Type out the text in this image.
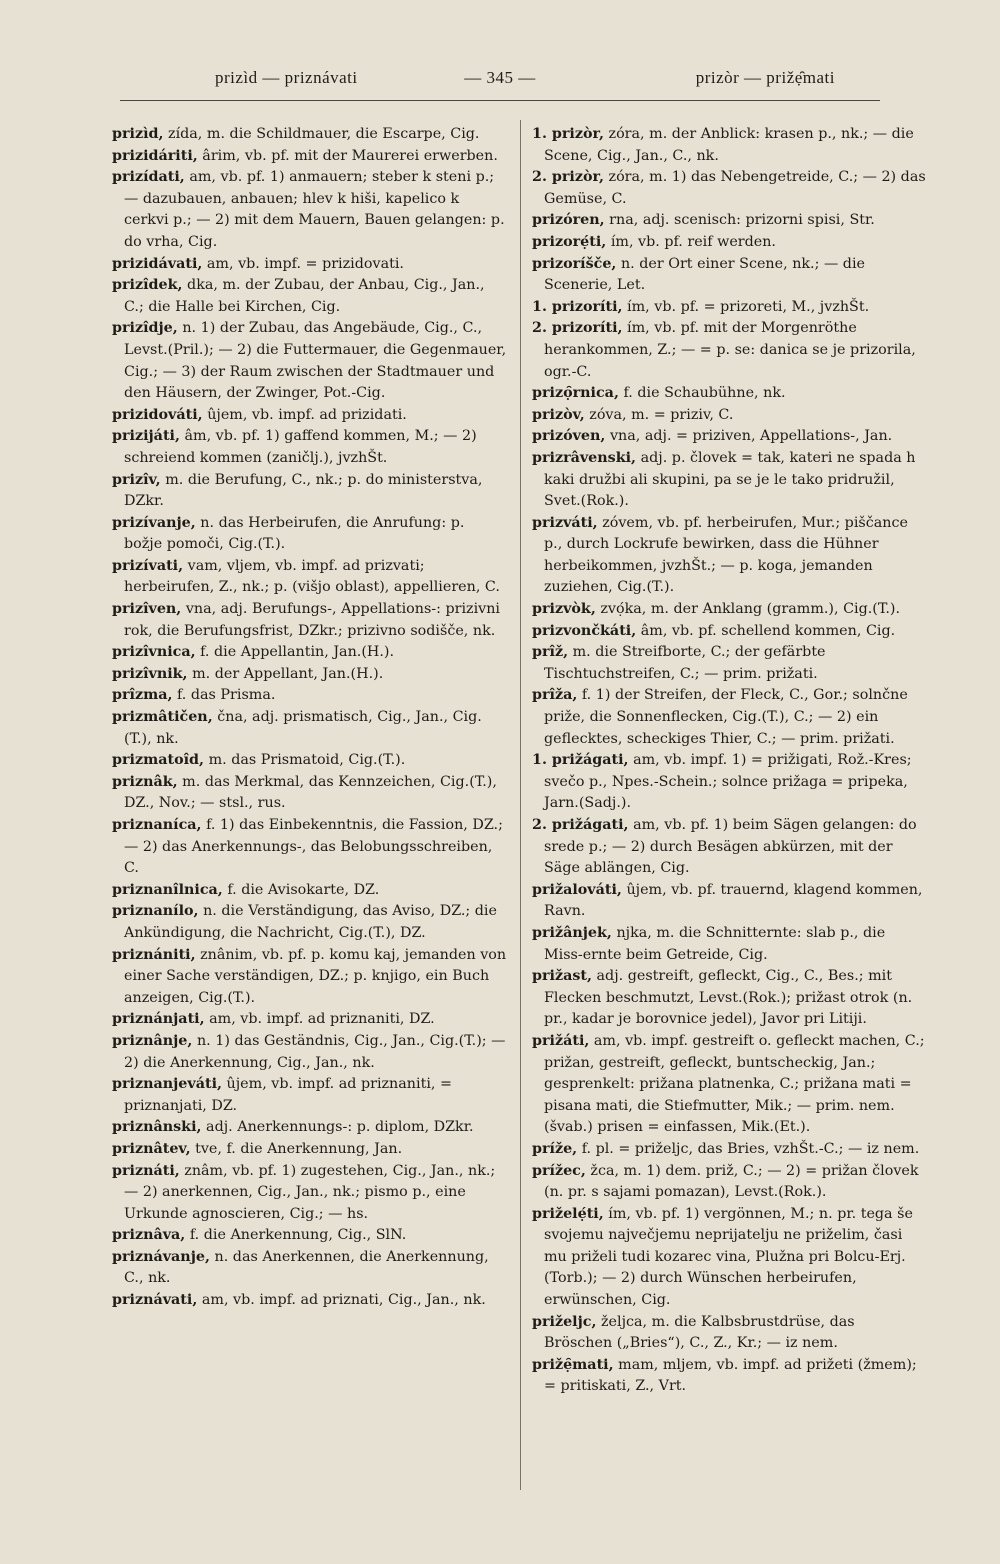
prizìd — priznávati	— 345 —	prizòr — prižẹ̑mati

prizìd, zída, m. die Schildmauer, die Escarpe, Cig.

prizidáriti, ârim, vb. pf. mit der Maurerei erwerben.

prizídati, am, vb. pf. 1) anmauern; steber k steni p.; — dazubauen, anbauen; hlev k hiši, kapelico k cerkvi p.; — 2) mit dem Mauern, Bauen gelangen: p. do vrha, Cig.

prizidávati, am, vb. impf. = prizidovati.

prizîdek, dka, m. der Zubau, der Anbau, Cig., Jan., C.; die Halle bei Kirchen, Cig.

prizîdje, n. 1) der Zubau, das Angebäude, Cig., C., Levst.(Pril.); — 2) die Futtermauer, die Gegenmauer, Cig.; — 3) der Raum zwischen der Stadtmauer und den Häusern, der Zwinger, Pot.-Cig.

prizidováti, ûjem, vb. impf. ad prizidati.

prizijáti, âm, vb. pf. 1) gaffend kommen, M.; — 2) schreiend kommen (zaničlj.), jvzhŠt.

prizîv, m. die Berufung, C., nk.; p. do ministerstva, DZkr.

prizívanje, n. das Herbeirufen, die Anrufung: p. božje pomoči, Cig.(T.).

prizívati, vam, vljem, vb. impf. ad prizvati; herbeirufen, Z., nk.; p. (višjo oblast), appellieren, C.

prizîven, vna, adj. Berufungs-, Appellations-: prizivni rok, die Berufungsfrist, DZkr.; prizivno sodišče, nk.

prizîvnica, f. die Appellantin, Jan.(H.).

prizîvnik, m. der Appellant, Jan.(H.).

prîzma, f. das Prisma.

prizmâtičen, čna, adj. prismatisch, Cig., Jan., Cig.(T.), nk.

prizmatoîd, m. das Prismatoid, Cig.(T.).

priznâk, m. das Merkmal, das Kennzeichen, Cig.(T.), DZ., Nov.; — stsl., rus.

priznaníca, f. 1) das Einbekenntnis, die Fassion, DZ.; — 2) das Anerkennungs-, das Belobungsschreiben, C.

priznanîlnica, f. die Avisokarte, DZ.

priznanílo, n. die Verständigung, das Aviso, DZ.; die Ankündigung, die Nachricht, Cig.(T.), DZ.

priznániti, znânim, vb. pf. p. komu kaj, jemanden von einer Sache verständigen, DZ.; p. knjigo, ein Buch anzeigen, Cig.(T.).

priznánjati, am, vb. impf. ad priznaniti, DZ.

priznânje, n. 1) das Geständnis, Cig., Jan., Cig.(T.); — 2) die Anerkennung, Cig., Jan., nk.

priznanjeváti, ûjem, vb. impf. ad priznaniti, = priznanjati, DZ.

priznânski, adj. Anerkennungs-: p. diplom, DZkr.

priznâtev, tve, f. die Anerkennung, Jan.

priznáti, znâm, vb. pf. 1) zugestehen, Cig., Jan., nk.; — 2) anerkennen, Cig., Jan., nk.; pismo p., eine Urkunde agnoscieren, Cig.; — hs.

priznâva, f. die Anerkennung, Cig., SlN.

priznávanje, n. das Anerkennen, die Anerkennung, C., nk.

priznávati, am, vb. impf. ad priznati, Cig., Jan., nk.

1. prizòr, zóra, m. der Anblick: krasen p., nk.; — die Scene, Cig., Jan., C., nk.

2. prizòr, zóra, m. 1) das Nebengetreide, C.; — 2) das Gemüse, C.

prizóren, rna, adj. scenisch: prizorni spisi, Str.

prizorẹ́ti, ím, vb. pf. reif werden.

prizoríšče, n. der Ort einer Scene, nk.; — die Scenerie, Let.

1. prizoríti, ím, vb. pf. = prizoreti, M., jvzhŠt.

2. prizoríti, ím, vb. pf. mit der Morgenröthe herankommen, Z.; — = p. se: danica se je prizorila, ogr.-C.

prizọ̑rnica, f. die Schaubühne, nk.

prizòv, zóva, m. = priziv, C.

prizóven, vna, adj. = priziven, Appellations-, Jan.

prizrâvenski, adj. p. človek = tak, kateri ne spada h kaki družbi ali skupini, pa se je le tako pridružil, Svet.(Rok.).

prizváti, zóvem, vb. pf. herbeirufen, Mur.; piščance p., durch Lockrufe bewirken, dass die Hühner herbeikommen, jvzhŠt.; — p. koga, jemanden zuziehen, Cig.(T.).

prizvòk, zvọ́ka, m. der Anklang (gramm.), Cig.(T.).

prizvončkáti, âm, vb. pf. schellend kommen, Cig.

prîž, m. die Streifborte, C.; der gefärbte Tischtuchstreifen, C.; — prim. prižati.

prîža, f. 1) der Streifen, der Fleck, C., Gor.; solnčne priže, die Sonnenflecken, Cig.(T.), C.; — 2) ein geflecktes, scheckiges Thier, C.; — prim. prižati.

1. prižágati, am, vb. impf. 1) = prižigati, Rož.-Kres; svečo p., Npes.-Schein.; solnce prižaga = pripeka, Jarn.(Sadj.).

2. prižágati, am, vb. pf. 1) beim Sägen gelangen: do srede p.; — 2) durch Besägen abkürzen, mit der Säge ablängen, Cig.

prižalováti, ûjem, vb. pf. trauernd, klagend kommen, Ravn.

prižânjek, njka, m. die Schnitternte: slab p., die Miss-ernte beim Getreide, Cig.

prižast, adj. gestreift, gefleckt, Cig., C., Bes.; mit Flecken beschmutzt, Levst.(Rok.); prižast otrok (n. pr., kadar je borovnice jedel), Javor pri Litiji.

prižáti, am, vb. impf. gestreift o. gefleckt machen, C.; prižan, gestreift, gefleckt, buntscheckig, Jan.; gesprenkelt: prižana platnenka, C.; prižana mati = pisana mati, die Stiefmutter, Mik.; — prim. nem. (švab.) prisen = einfassen, Mik.(Et.).

príže, f. pl. = priželjc, das Bries, vzhŠt.-C.; — iz nem.

prížec, žca, m. 1) dem. priž, C.; — 2) = prižan človek (n. pr. s sajami pomazan), Levst.(Rok.).

priželẹ́ti, ím, vb. pf. 1) vergönnen, M.; n. pr. tega še svojemu največjemu neprijatelju ne priželim, časi mu priželi tudi kozarec vina, Plužna pri Bolcu-Erj.(Torb.); — 2) durch Wünschen herbeirufen, erwünschen, Cig.

priželjc, željca, m. die Kalbsbrustdrüse, das Bröschen („Bries“), C., Z., Kr.; — iz nem.

prižẹ̑mati, mam, mljem, vb. impf. ad prižeti (žmem); = pritiskati, Z., Vrt.
